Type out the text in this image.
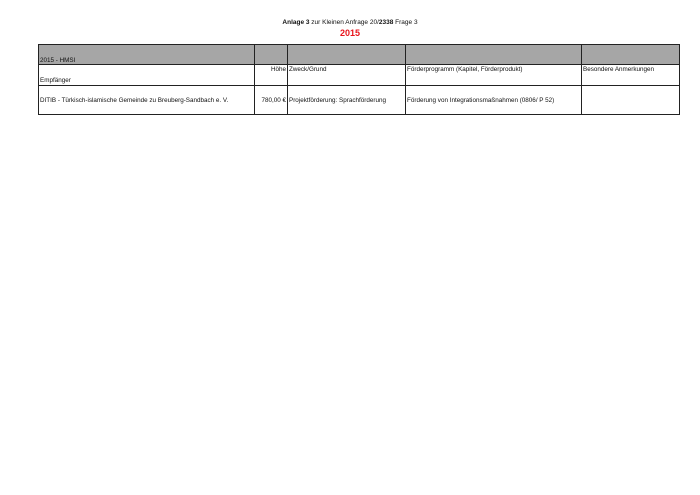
Anlage 3 zur Kleinen Anfrage 20/2338 Frage 3
2015
2015 - HMSI				
Empfänger	Höhe	Zweck/Grund	Förderprogramm (Kapitel, Förderprodukt)	Besondere Anmerkungen
DITIB - Türkisch-islamische Gemeinde zu Breuberg-Sandbach e. V.	780,00 €	Projektförderung: Sprachförderung	Förderung von Integrationsmaßnahmen (0806/ P 52)	
